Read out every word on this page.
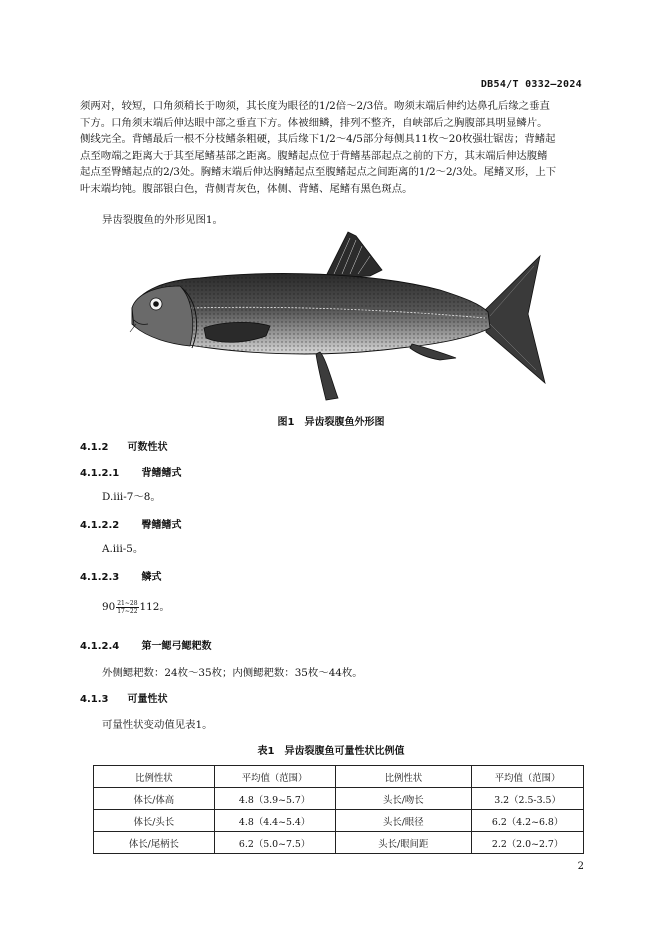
DB54/T 0332—2024
须两对，较短，口角须稍长于吻须，其长度为眼径的1/2倍～2/3倍。吻须末端后伸约达鼻孔后缘之垂直
下方。口角须末端后伸达眼中部之垂直下方。体被细鳞，排列不整齐，自峡部后之胸腹部具明显鳞片。
侧线完全。背鳍最后一根不分枝鳍条粗硬，其后缘下1/2～4/5部分每侧具11枚～20枚强壮锯齿；背鳍起
点至吻端之距离大于其至尾鳍基部之距离。腹鳍起点位于背鳍基部起点之前的下方，其末端后伸达腹鳍
起点至臀鳍起点的2/3处。胸鳍末端后伸达胸鳍起点至腹鳍起点之间距离的1/2～2/3处。尾鳍叉形，上下
叶末端均钝。腹部银白色，背侧青灰色，体侧、背鳍、尾鳍有黑色斑点。
异齿裂腹鱼的外形见图1。
图1　异齿裂腹鱼外形图
4.1.2 可数性状
4.1.2.1 背鳍鳍式
D.iii-7～8。
4.1.2.2 臀鳍鳍式
A.iii-5。
4.1.2.3 鳞式
$90 \frac{21\sim 28}{17\sim 22} 112$。
4.1.2.4 第一鳃弓鳃耙数
外侧鳃耙数：24枚～35枚；内侧鳃耙数：35枚～44枚。
4.1.3 可量性状
可量性状变动值见表1。
表1　异齿裂腹鱼可量性状比例值
比例性状	平均值（范围）	比例性状	平均值（范围）
体长/体高	4.8（3.9~5.7）	头长/吻长	3.2（2.5-3.5）
体长/头长	4.8（4.4~5.4）	头长/眼径	6.2（4.2~6.8）
体长/尾柄长	6.2（5.0~7.5）	头长/眼间距	2.2（2.0~2.7）
2
